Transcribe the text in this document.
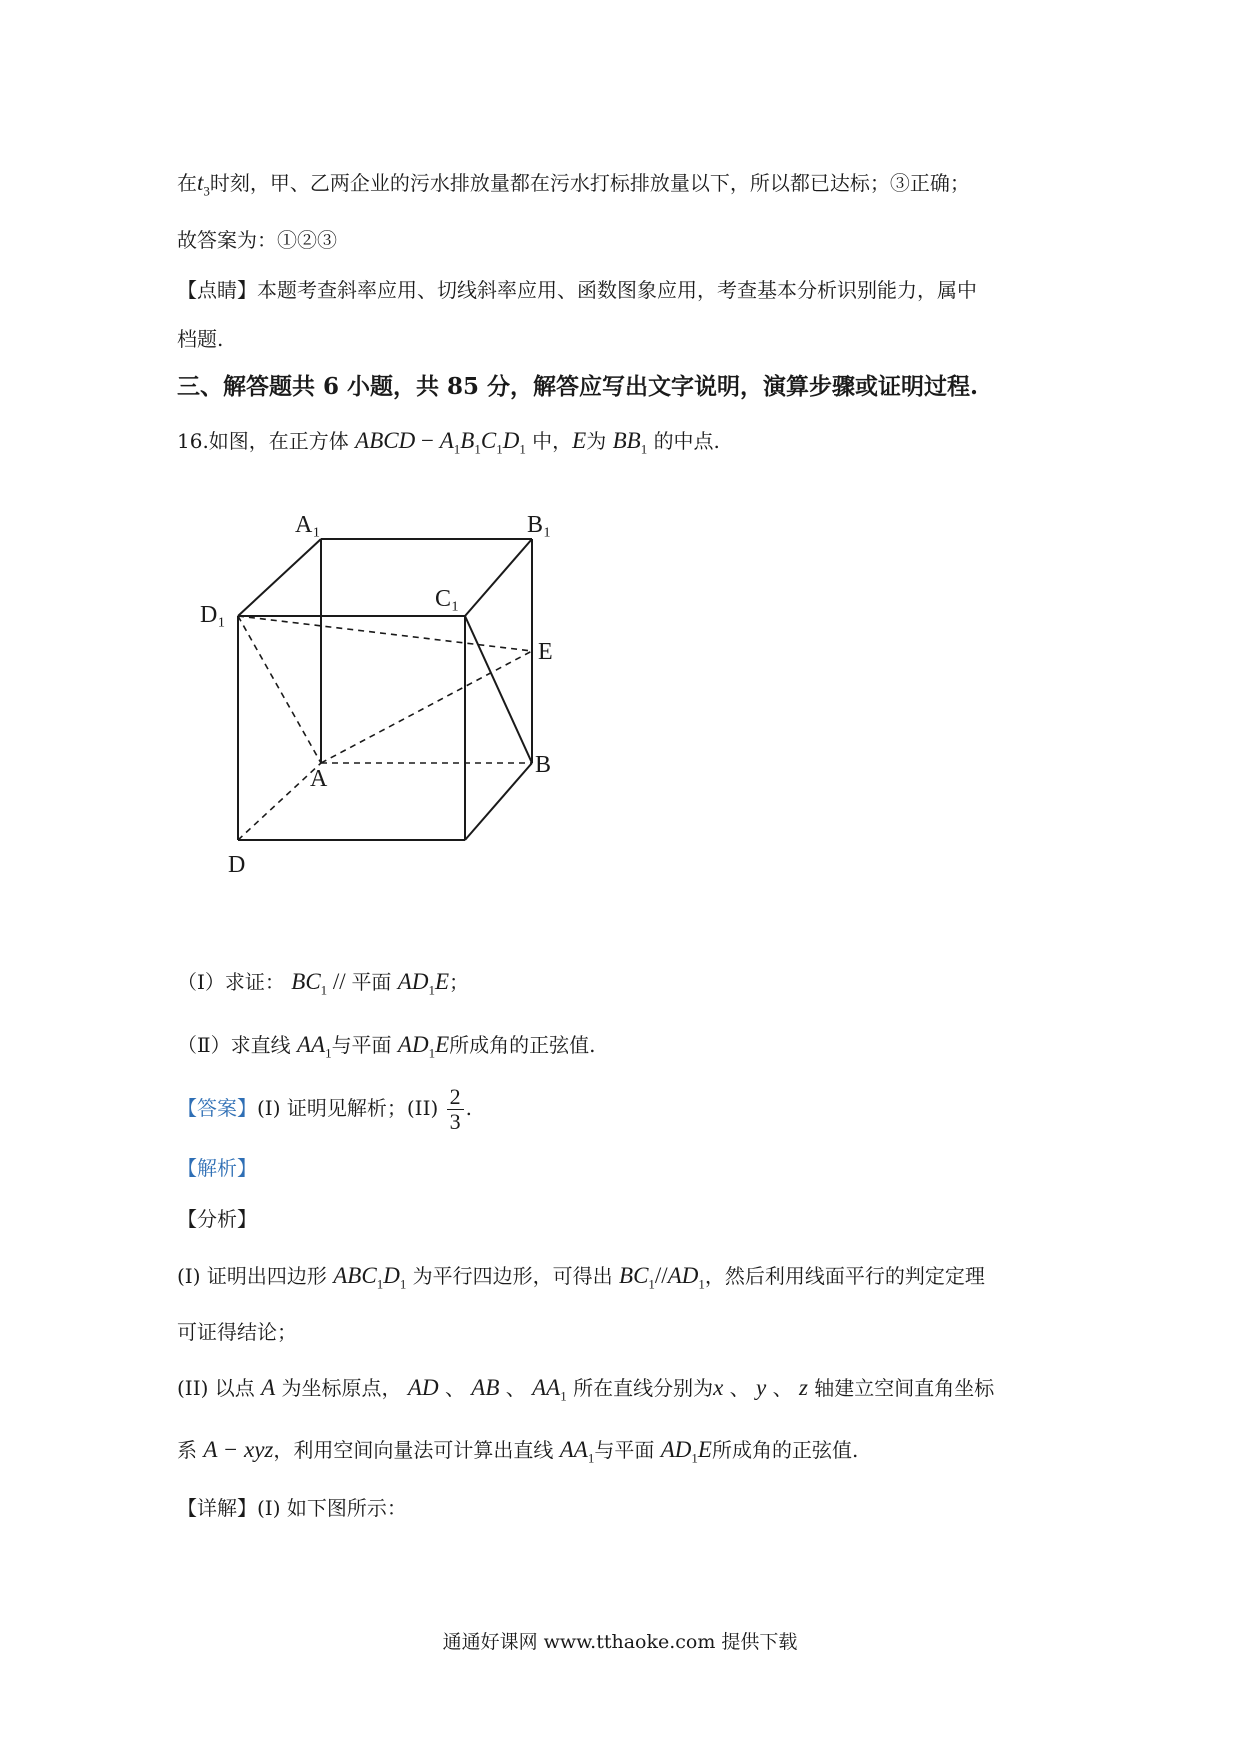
在$t_3$时刻，甲、乙两企业的污水排放量都在污水打标排放量以下，所以都已达标；③正确；
故答案为：①②③
【点睛】本题考查斜率应用、切线斜率应用、函数图象应用，考查基本分析识别能力，属中
档题.
三、解答题共 6 小题，共 85 分，解答应写出文字说明，演算步骤或证明过程.
16.如图，在正方体 ABCD − $A_1B_1C_1D_1$ 中，E为 $BB_1$ 的中点.
A₁	B₁
C₁
D₁
E
A
B
D
（Ⅰ）求证： $BC_1$ // 平面 $AD_1E$；
（Ⅱ）求直线 $AA_1$与平面 $AD_1E$所成角的正弦值.
【答案】(I) 证明见解析；$(II) \frac{2}{3}$ .
【解析】
【分析】
(I) 证明出四边形 $ABC_1D_1$ 为平行四边形，可得出 $BC_1//AD_1$，然后利用线面平行的判定定理
可证得结论；
(II) 以点 A 为坐标原点， AD 、 AB 、 $AA_1$ 所在直线分别为x 、 y 、 z 轴建立空间直角坐标
系 A − xyz，利用空间向量法可计算出直线 $AA_1$与平面 $AD_1E$所成角的正弦值.
【详解】(I) 如下图所示：
通通好课网 www.tthaoke.com 提供下载
